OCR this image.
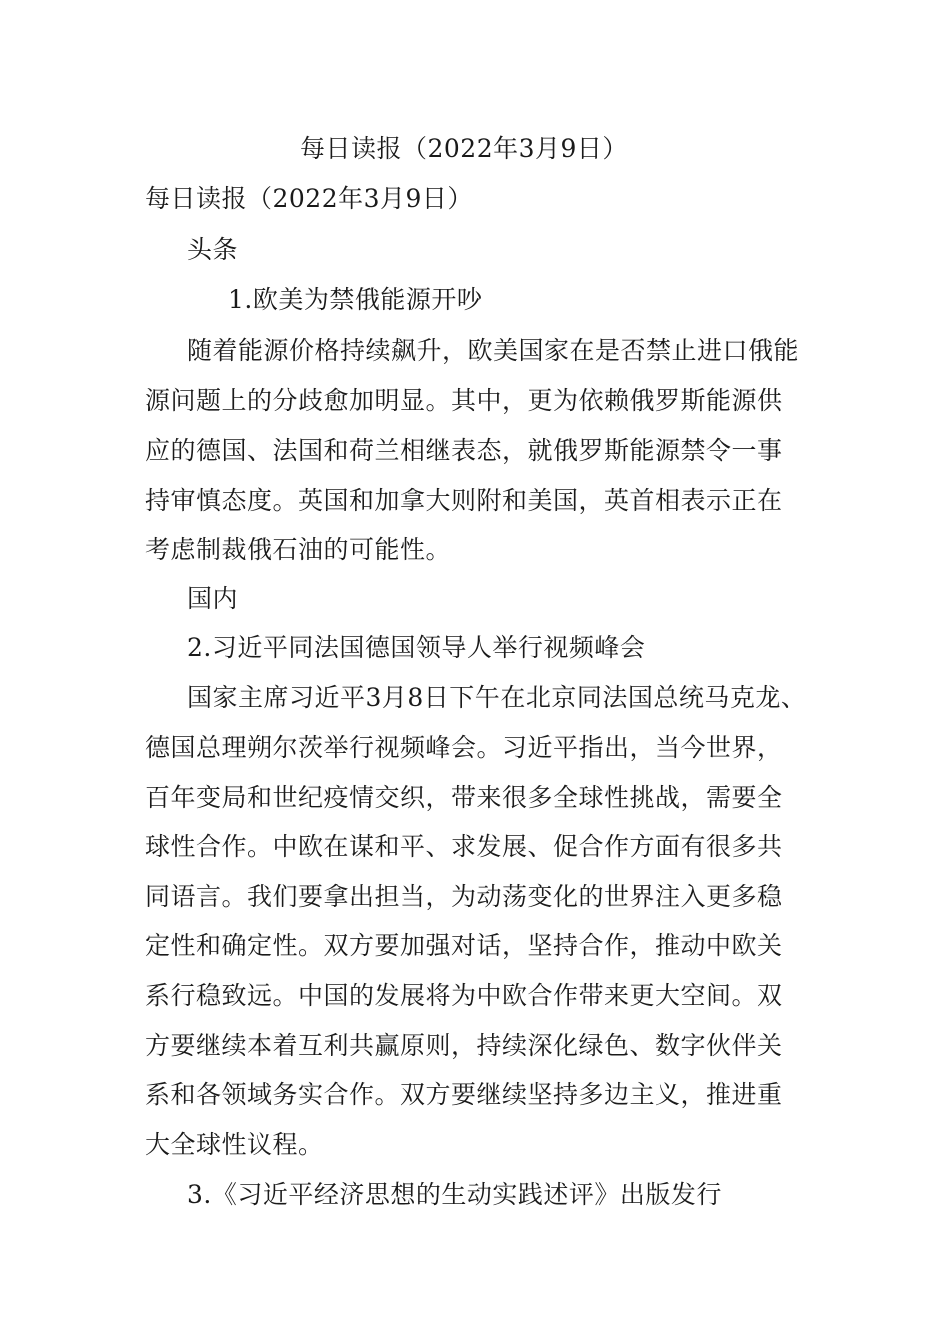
每日读报（2022年3月9日）
每日读报（2022年3月9日）
头条
1.欧美为禁俄能源开吵
随着能源价格持续飙升，欧美国家在是否禁止进口俄能
源问题上的分歧愈加明显。其中，更为依赖俄罗斯能源供
应的德国、法国和荷兰相继表态，就俄罗斯能源禁令一事
持审慎态度。英国和加拿大则附和美国，英首相表示正在
考虑制裁俄石油的可能性。
国内
2.习近平同法国德国领导人举行视频峰会
国家主席习近平3月8日下午在北京同法国总统马克龙、
德国总理朔尔茨举行视频峰会。习近平指出，当今世界，
百年变局和世纪疫情交织，带来很多全球性挑战，需要全
球性合作。中欧在谋和平、求发展、促合作方面有很多共
同语言。我们要拿出担当，为动荡变化的世界注入更多稳
定性和确定性。双方要加强对话，坚持合作，推动中欧关
系行稳致远。中国的发展将为中欧合作带来更大空间。双
方要继续本着互利共赢原则，持续深化绿色、数字伙伴关
系和各领域务实合作。双方要继续坚持多边主义，推进重
大全球性议程。
3.《习近平经济思想的生动实践述评》出版发行
